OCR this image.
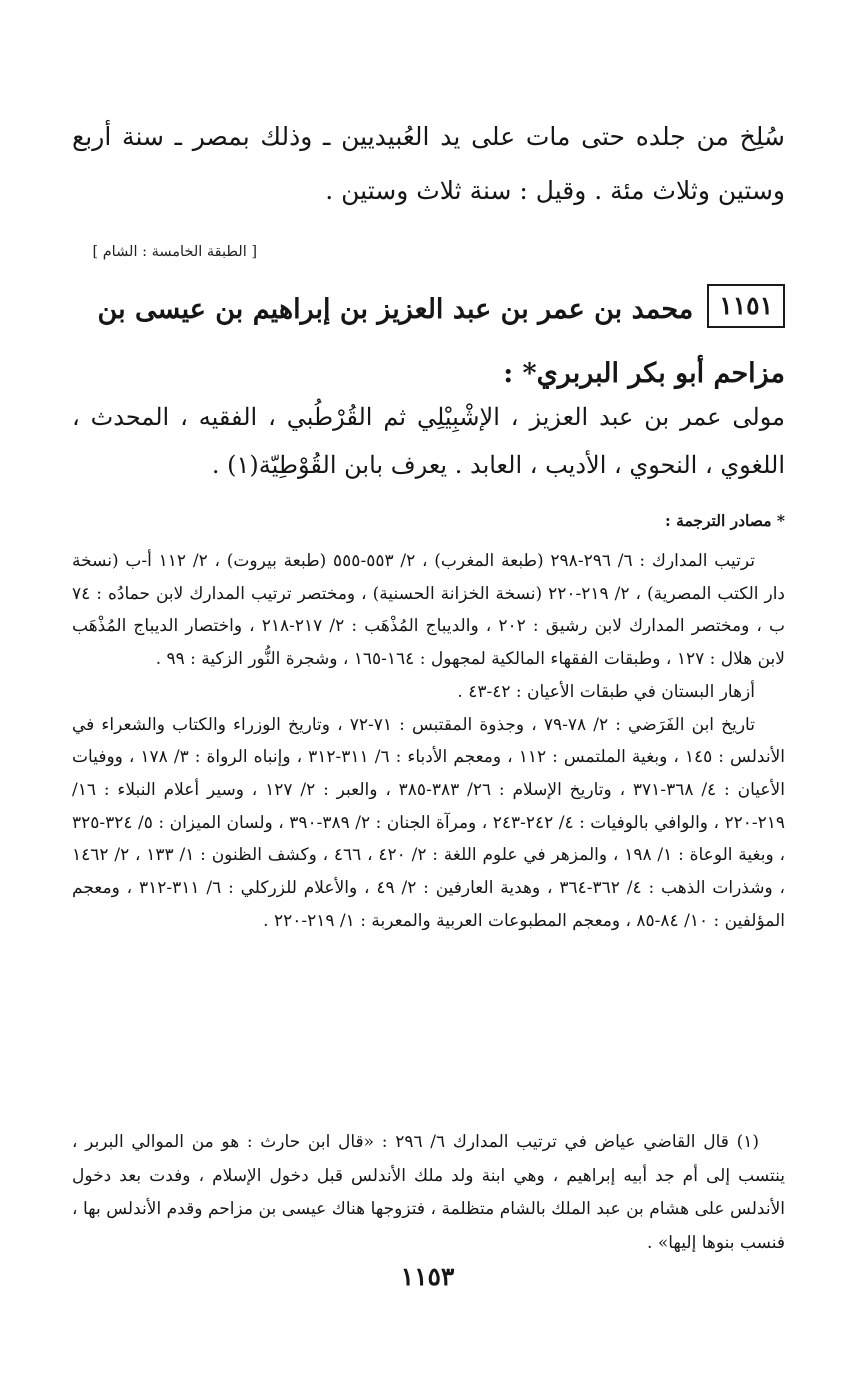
سُلِخ من جلده حتى مات على يد العُبيديين ـ وذلك بمصر ـ سنة أربع وستين وثلاث مئة . وقيل : سنة ثلاث وستين .

[ الطبقة الخامسة : الشام ]
١١٥١محمد بن عمر بن عبد العزيز بن إبراهيم بن عيسى بن مزاحم أبو بكر البربري* :

مولى عمر بن عبد العزيز ، الإشْبِيْلِي ثم القُرْطُبي ، الفقيه ، المحدث ، اللغوي ، النحوي ، الأديب ، العابد . يعرف بابن القُوْطِيّة(١) .

* مصادر الترجمة :

ترتيب المدارك : ٦/ ٢٩٦-٢٩٨ (طبعة المغرب) ، ٢/ ٥٥٣-٥٥٥ (طبعة بيروت) ، ٢/ ١١٢ أ-ب (نسخة دار الكتب المصرية) ، ٢/ ٢١٩-٢٢٠ (نسخة الخزانة الحسنية) ، ومختصر ترتيب المدارك لابن حمادُه : ٧٤ ب ، ومختصر المدارك لابن رشيق : ٢٠٢ ، والديباج المُذْهَب : ٢/ ٢١٧-٢١٨ ، واختصار الديباج المُذْهَب لابن هلال : ١٢٧ ، وطبقات الفقهاء المالكية لمجهول : ١٦٤-١٦٥ ، وشجرة النُّور الزكية : ٩٩ .

أزهار البستان في طبقات الأعيان : ٤٢-٤٣ .

تاريخ ابن الفَرَضي : ٢/ ٧٨-٧٩ ، وجذوة المقتبس : ٧١-٧٢ ، وتاريخ الوزراء والكتاب والشعراء في الأندلس : ١٤٥ ، وبغية الملتمس : ١١٢ ، ومعجم الأدباء : ٦/ ٣١١-٣١٢ ، وإنباه الرواة : ٣/ ١٧٨ ، ووفيات الأعيان : ٤/ ٣٦٨-٣٧١ ، وتاريخ الإسلام : ٢٦/ ٣٨٣-٣٨٥ ، والعبر : ٢/ ١٢٧ ، وسير أعلام النبلاء : ١٦/ ٢١٩-٢٢٠ ، والوافي بالوفيات : ٤/ ٢٤٢-٢٤٣ ، ومرآة الجنان : ٢/ ٣٨٩-٣٩٠ ، ولسان الميزان : ٥/ ٣٢٤-٣٢٥ ، وبغية الوعاة : ١/ ١٩٨ ، والمزهر في علوم اللغة : ٢/ ٤٢٠ ، ٤٦٦ ، وكشف الظنون : ١/ ١٣٣ ، ٢/ ١٤٦٢ ، وشذرات الذهب : ٤/ ٣٦٢-٣٦٤ ، وهدية العارفين : ٢/ ٤٩ ، والأعلام للزركلي : ٦/ ٣١١-٣١٢ ، ومعجم المؤلفين : ١٠/ ٨٤-٨٥ ، ومعجم المطبوعات العربية والمعربة : ١/ ٢١٩-٢٢٠ .

(١) قال القاضي عياض في ترتيب المدارك ٦/ ٢٩٦ : «قال ابن حارث : هو من الموالي البربر ، ينتسب إلى أم جد أبيه إبراهيم ، وهي ابنة ولد ملك الأندلس قبل دخول الإسلام ، وفدت بعد دخول الأندلس على هشام بن عبد الملك بالشام متظلمة ، فتزوجها هناك عيسى بن مزاحم وقدم الأندلس بها ، فنسب بنوها إليها» .

١١٥٣
